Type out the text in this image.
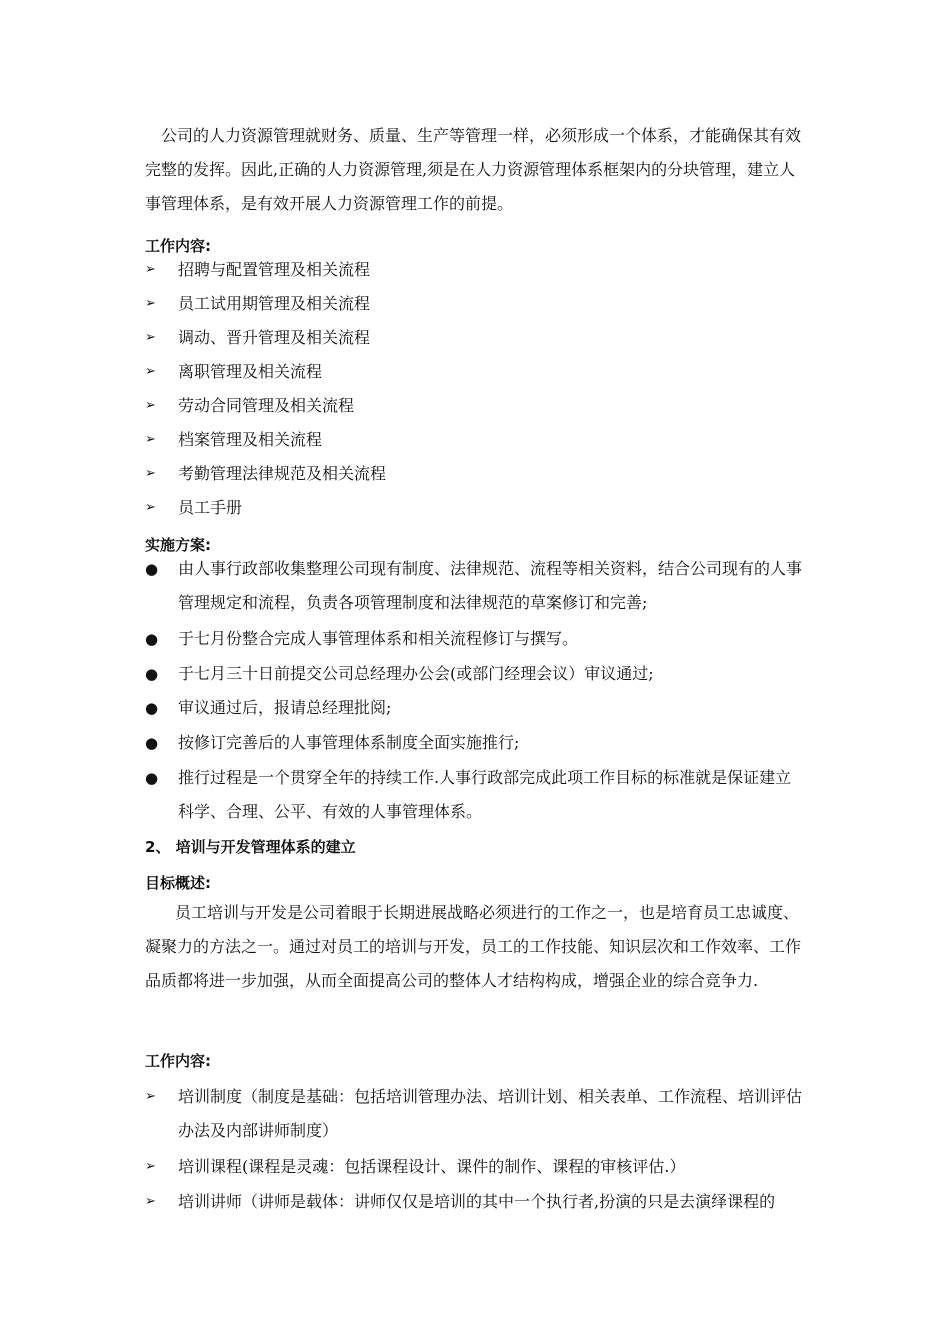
公司的人力资源管理就财务、质量、生产等管理一样，必须形成一个体系，才能确保其有效完整的发挥。因此,正确的人力资源管理,须是在人力资源管理体系框架内的分块管理，建立人事管理体系，是有效开展人力资源管理工作的前提。

工作内容:
➢	招聘与配置管理及相关流程
➢	员工试用期管理及相关流程
➢	调动、晋升管理及相关流程
➢	离职管理及相关流程
➢	劳动合同管理及相关流程
➢	档案管理及相关流程
➢	考勤管理法律规范及相关流程
➢	员工手册
实施方案:
●	由人事行政部收集整理公司现有制度、法律规范、流程等相关资料，结合公司现有的人事管理规定和流程，负责各项管理制度和法律规范的草案修订和完善;
●	于七月份整合完成人事管理体系和相关流程修订与撰写。
●	于七月三十日前提交公司总经理办公会(或部门经理会议）审议通过;
●	审议通过后，报请总经理批阅;
●	按修订完善后的人事管理体系制度全面实施推行;
●	推行过程是一个贯穿全年的持续工作.人事行政部完成此项工作目标的标准就是保证建立科学、合理、公平、有效的人事管理体系。
2、 培训与开发管理体系的建立
目标概述:

员工培训与开发是公司着眼于长期进展战略必须进行的工作之一，也是培育员工忠诚度、凝聚力的方法之一。通过对员工的培训与开发，员工的工作技能、知识层次和工作效率、工作品质都将进一步加强，从而全面提高公司的整体人才结构构成，增强企业的综合竞争力.

工作内容:
➢	培训制度（制度是基础：包括培训管理办法、培训计划、相关表单、工作流程、培训评估办法及内部讲师制度）
➢	培训课程(课程是灵魂：包括课程设计、课件的制作、课程的审核评估.）
➢	培训讲师（讲师是载体：讲师仅仅是培训的其中一个执行者,扮演的只是去演绎课程的
